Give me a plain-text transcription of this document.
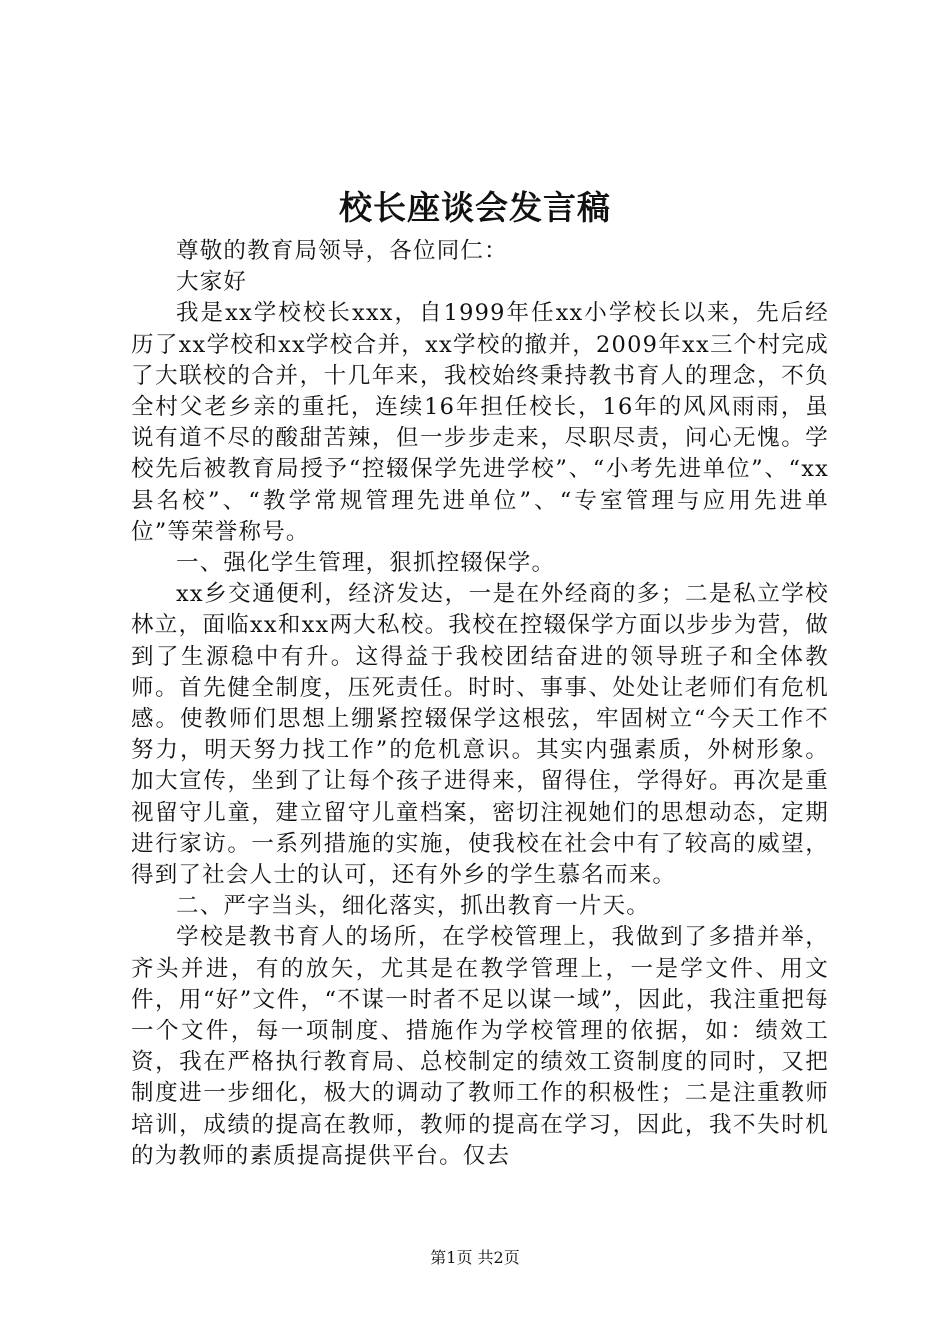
校长座谈会发言稿

尊敬的教育局领导，各位同仁：

大家好

我是xx学校校长xxx，自1999年任xx小学校长以来，先后经历了xx学校和xx学校合并，xx学校的撤并，2009年xx三个村完成了大联校的合并，十几年来，我校始终秉持教书育人的理念，不负全村父老乡亲的重托，连续16年担任校长，16年的风风雨雨，虽说有道不尽的酸甜苦辣，但一步步走来，尽职尽责，问心无愧。学校先后被教育局授予“控辍保学先进学校”、“小考先进单位”、“xx县名校”、“教学常规管理先进单位”、“专室管理与应用先进单位”等荣誉称号。

一、强化学生管理，狠抓控辍保学。

xx乡交通便利，经济发达，一是在外经商的多；二是私立学校林立，面临xx和xx两大私校。我校在控辍保学方面以步步为营，做到了生源稳中有升。这得益于我校团结奋进的领导班子和全体教师。首先健全制度，压死责任。时时、事事、处处让老师们有危机感。使教师们思想上绷紧控辍保学这根弦，牢固树立“今天工作不努力，明天努力找工作”的危机意识。其实内强素质，外树形象。加大宣传，坐到了让每个孩子进得来，留得住，学得好。再次是重视留守儿童，建立留守儿童档案，密切注视她们的思想动态，定期进行家访。一系列措施的实施，使我校在社会中有了较高的威望，得到了社会人士的认可，还有外乡的学生慕名而来。

二、严字当头，细化落实，抓出教育一片天。

学校是教书育人的场所，在学校管理上，我做到了多措并举，齐头并进，有的放矢，尤其是在教学管理上，一是学文件、用文件，用“好”文件，“不谋一时者不足以谋一域”，因此，我注重把每一个文件，每一项制度、措施作为学校管理的依据，如：绩效工资，我在严格执行教育局、总校制定的绩效工资制度的同时，又把制度进一步细化，极大的调动了教师工作的积极性；二是注重教师培训，成绩的提高在教师，教师的提高在学习，因此，我不失时机的为教师的素质提高提供平台。仅去

第1页 共2页
